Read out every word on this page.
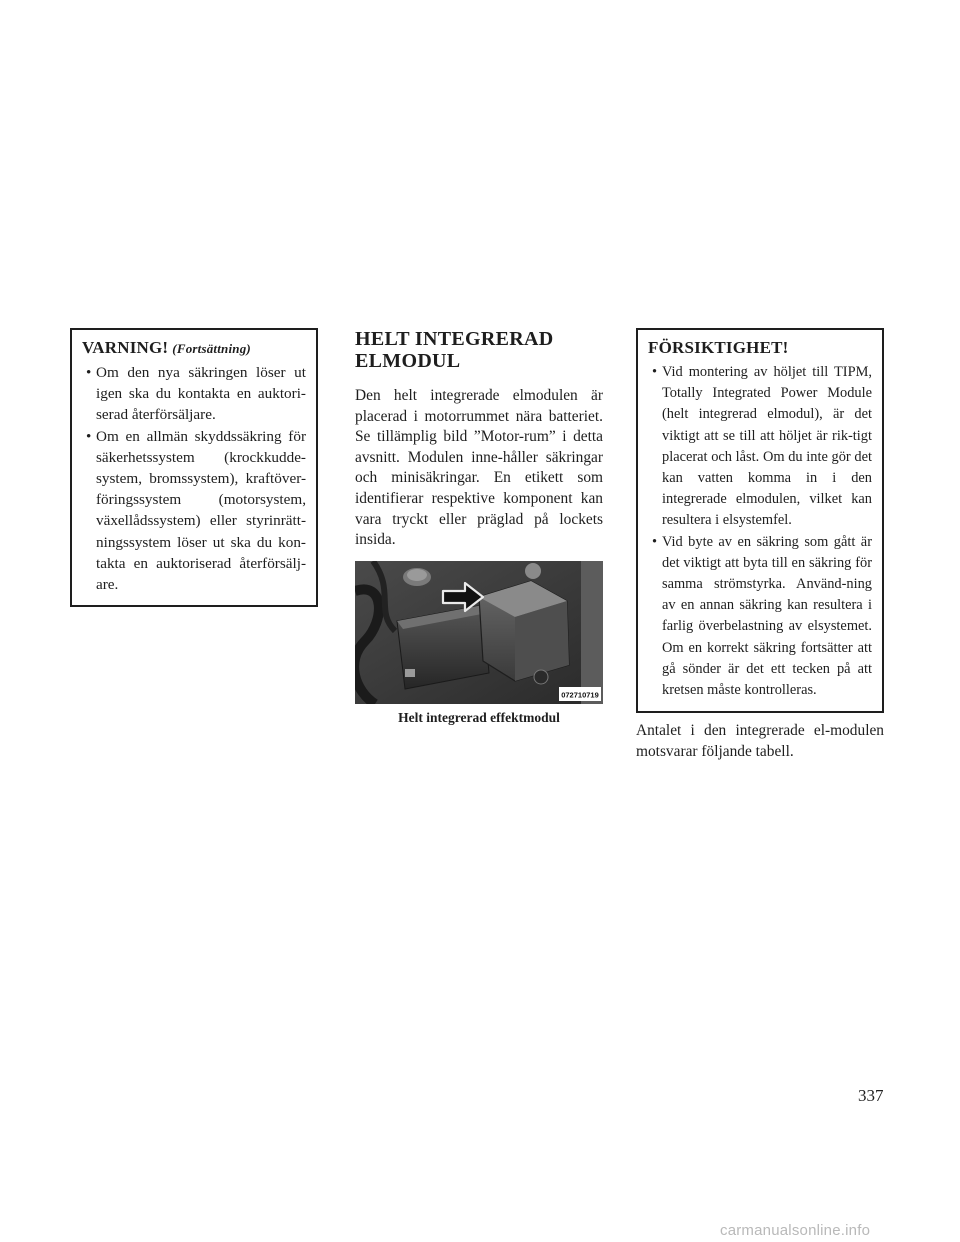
VARNING! (Fortsättning)
• Om den nya säkringen löser ut igen ska du kontakta en auktori-serad återförsäljare.
• Om en allmän skyddssäkring för säkerhetssystem (krockkudde-system, bromssystem), kraftöver-föringssystem (motorsystem, växellådssystem) eller styrinrätt-ningssystem löser ut ska du kon-takta en auktoriserad återförsälj-are.
HELT INTEGRERAD
ELMODUL

Den helt integrerade elmodulen är placerad i motorrummet nära batteriet. Se tillämplig bild ”Motor-rum” i detta avsnitt. Modulen inne-håller säkringar och minisäkringar. En etikett som identifierar respektive komponent kan vara tryckt eller präglad på lockets insida.

072710719
Helt integrerad effektmodul
FÖRSIKTIGHET!
• Vid montering av höljet till TIPM, Totally Integrated Power Module (helt integrerad elmodul), är det viktigt att se till att höljet är rik-tigt placerat och låst. Om du inte gör det kan vatten komma in i den integrerade elmodulen, vilket kan resultera i elsystemfel.
• Vid byte av en säkring som gått är det viktigt att byta till en säkring för samma strömstyrka. Använd-ning av en annan säkring kan resultera i farlig överbelastning av elsystemet. Om en korrekt säkring fortsätter att gå sönder är det ett tecken på att kretsen måste kontrolleras.

Antalet i den integrerade el-modulen motsvarar följande tabell.

337
carmanualsonline.info
